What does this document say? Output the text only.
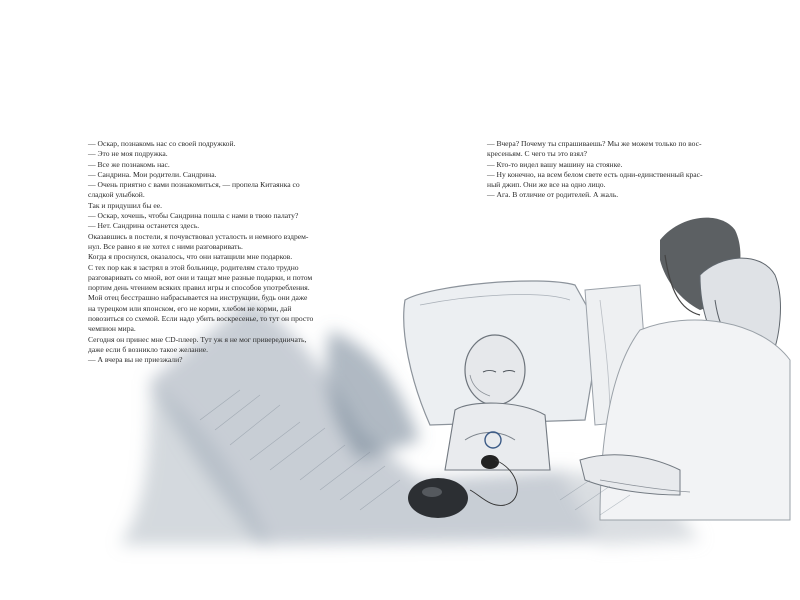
— Оскар, познакомь нас со своей подружкой.

— Это не моя подружка.

— Все же познакомь нас.

— Сандрина. Мои родители. Сандрина.

— Очень приятно с вами познакомиться, — пропела Китаянка со

сладкой улыбкой.

Так и придушил бы ее.

— Оскар, хочешь, чтобы Сандрина пошла с нами в твою палату?

— Нет. Сандрина останется здесь.

Оказавшись в постели, я почувствовал усталость и немного вздрем-

нул. Все равно я не хотел с ними разговаривать.

Когда я проснулся, оказалось, что они натащили мне подарков.

С тех пор как я застрял в этой больнице, родителям стало трудно

разговаривать со мной, вот они и тащат мне разные подарки, и потом

портим день чтением всяких правил игры и способов употребления.

Мой отец бесстрашно набрасывается на инструкции, будь они даже

на турецком или японском, его не корми, хлебом не корми, дай

повозиться со схемой. Если надо убить воскресенье, то тут он просто

чемпион мира.

Сегодня он принес мне CD-плеер. Тут уж я не мог привередничать,

даже если б возникло такое желание.

— А вчера вы не приезжали?

— Вчера? Почему ты спрашиваешь? Мы же можем только по вос-

кресеньям. С чего ты это взял?

— Кто-то видел вашу машину на стоянке.

— Ну конечно, на всем белом свете есть одни-единственный крас-

ный джип. Они же все на одно лицо.

— Ага. В отличие от родителей. А жаль.
